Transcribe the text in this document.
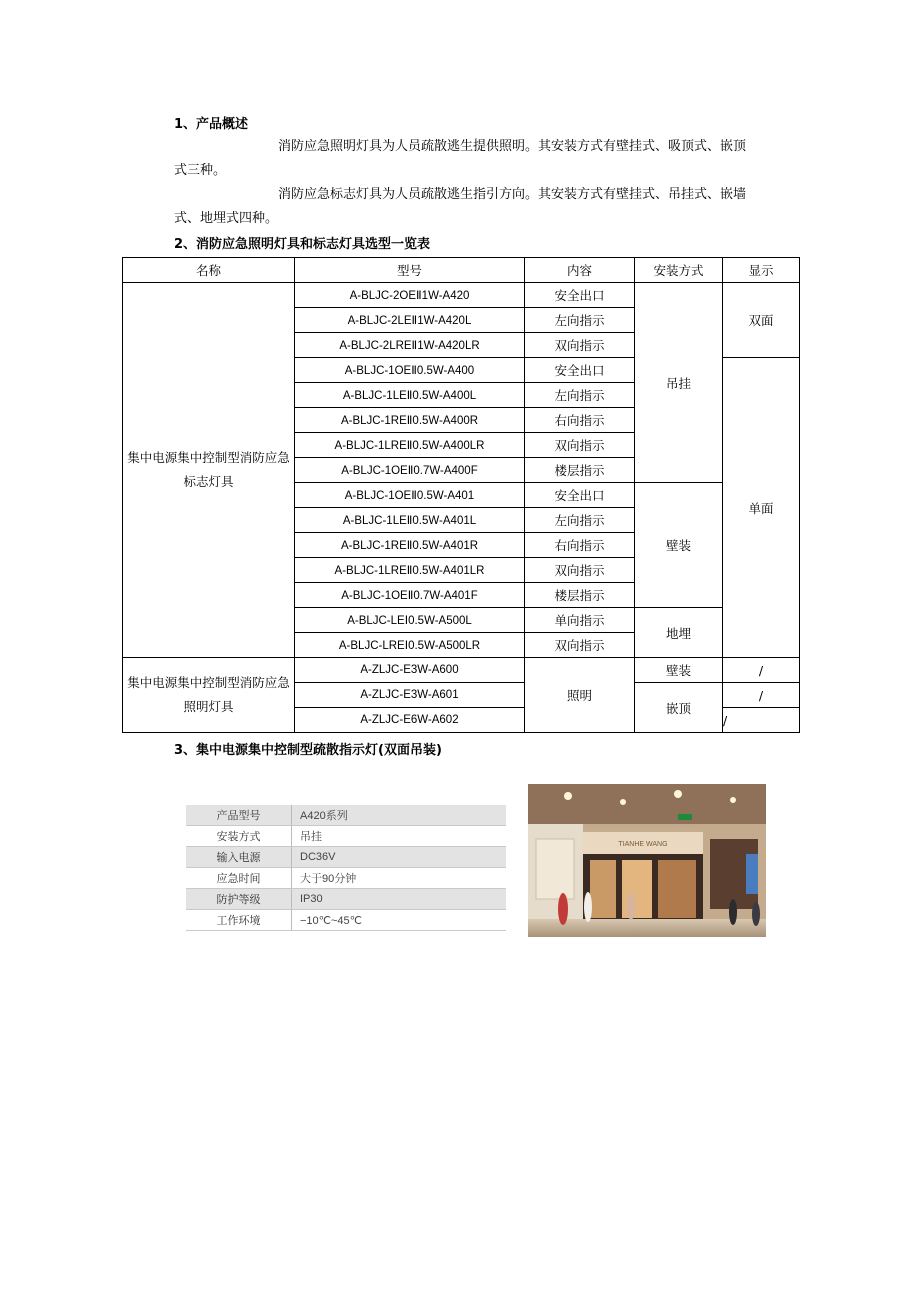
1、产品概述
消防应急照明灯具为人员疏散逃生提供照明。其安装方式有壁挂式、吸顶式、嵌顶
式三种。
消防应急标志灯具为人员疏散逃生指引方向。其安装方式有壁挂式、吊挂式、嵌墙
式、地埋式四种。
2、消防应急照明灯具和标志灯具选型一览表
名称	型号	内容	安装方式	显示
集中电源集中控制型消防应急标志灯具	A-BLJC-2OEⅡ1W-A420	安全出口	吊挂	双面
	A-BLJC-2LEⅡ1W-A420L	左向指示		
	A-BLJC-2LREⅡ1W-A420LR	双向指示		
	A-BLJC-1OEⅡ0.5W-A400	安全出口		单面
	A-BLJC-1LEⅡ0.5W-A400L	左向指示		
	A-BLJC-1REⅡ0.5W-A400R	右向指示		
	A-BLJC-1LREⅡ0.5W-A400LR	双向指示		
	A-BLJC-1OEⅡ0.7W-A400F	楼层指示		
	A-BLJC-1OEⅡ0.5W-A401	安全出口	壁装	
	A-BLJC-1LEⅡ0.5W-A401L	左向指示		
	A-BLJC-1REⅡ0.5W-A401R	右向指示		
	A-BLJC-1LREⅡ0.5W-A401LR	双向指示		
	A-BLJC-1OEⅡ0.7W-A401F	楼层指示		
	A-BLJC-LEⅠ0.5W-A500L	单向指示	地埋	
	A-BLJC-LREⅠ0.5W-A500LR	双向指示		
集中电源集中控制型消防应急照明灯具	A-ZLJC-E3W-A600	照明	壁装	/
	A-ZLJC-E3W-A601		嵌顶	/
	A-ZLJC-E6W-A602			/
3、集中电源集中控制型疏散指示灯(双面吊装)
产品型号	A420系列
安装方式	吊挂
输入电源	DC36V
应急时间	大于90分钟
防护等级	IP30
工作环境	−10℃~45℃
TIANHE WANG
